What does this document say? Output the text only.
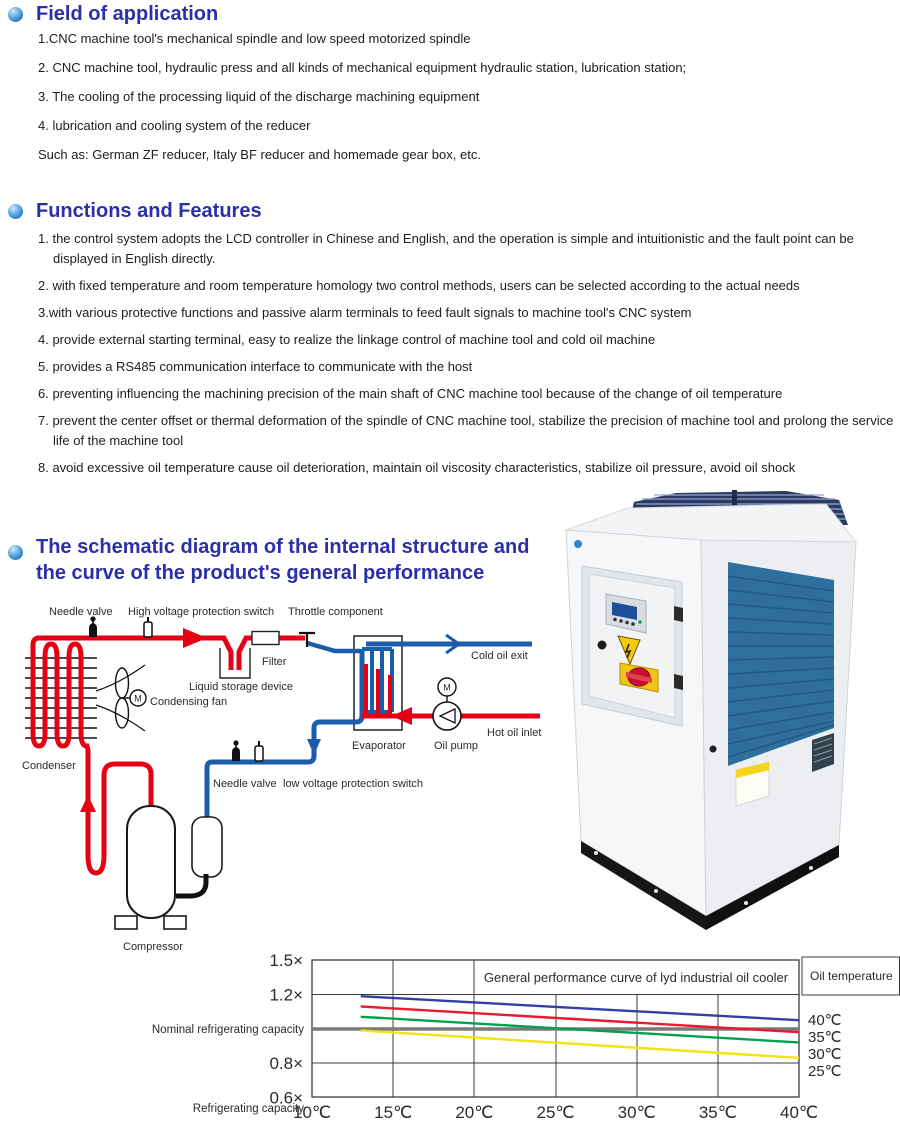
Field of application
1.CNC machine tool's mechanical spindle and low speed motorized spindle
2. CNC machine tool, hydraulic press and all kinds of mechanical equipment hydraulic station, lubrication station;
3. The cooling of the processing liquid of the discharge machining equipment
4. lubrication and cooling system of the reducer
Such as: German ZF reducer, Italy BF reducer and homemade gear box, etc.
Functions and Features
1. the control system adopts the LCD controller in Chinese and English, and the operation is simple and intuitionistic and the fault point can be displayed in English directly.
2. with fixed temperature and room temperature homology two control methods, users can be selected according to the actual needs
3.with various protective functions and passive alarm terminals to feed fault signals to machine tool's CNC system
4. provide external starting terminal, easy to realize the linkage control of machine tool and cold oil machine
5. provides a RS485 communication interface to communicate with the host
6. preventing influencing the machining precision of the main shaft of CNC machine tool because of the change of oil temperature
7. prevent the center offset or thermal deformation of the spindle of CNC machine tool, stabilize the precision of machine tool and prolong the service life of the machine tool
8. avoid excessive oil temperature cause oil deterioration, maintain oil viscosity characteristics, stabilize oil pressure, avoid oil shock
The schematic diagram of the internal structure and
the curve of the product's general performance
M
M
Needle valve High voltage protection switch Throttle component
Filter
Liquid storage device
Condensing fan
Cold oil exit
Hot oil inlet
Evaporator	Oil pump
Condenser
Needle valve low voltage protection switch
Compressor
General performance curve of lyd industrial oil cooler Oil temperature
Nominal refrigerating capacity
Refrigerating capacity
10℃	15℃	20℃	25℃	30℃	35℃	40℃
1.5×
1.2×
0.8×
0.6×
40℃
35℃
30℃
25℃
